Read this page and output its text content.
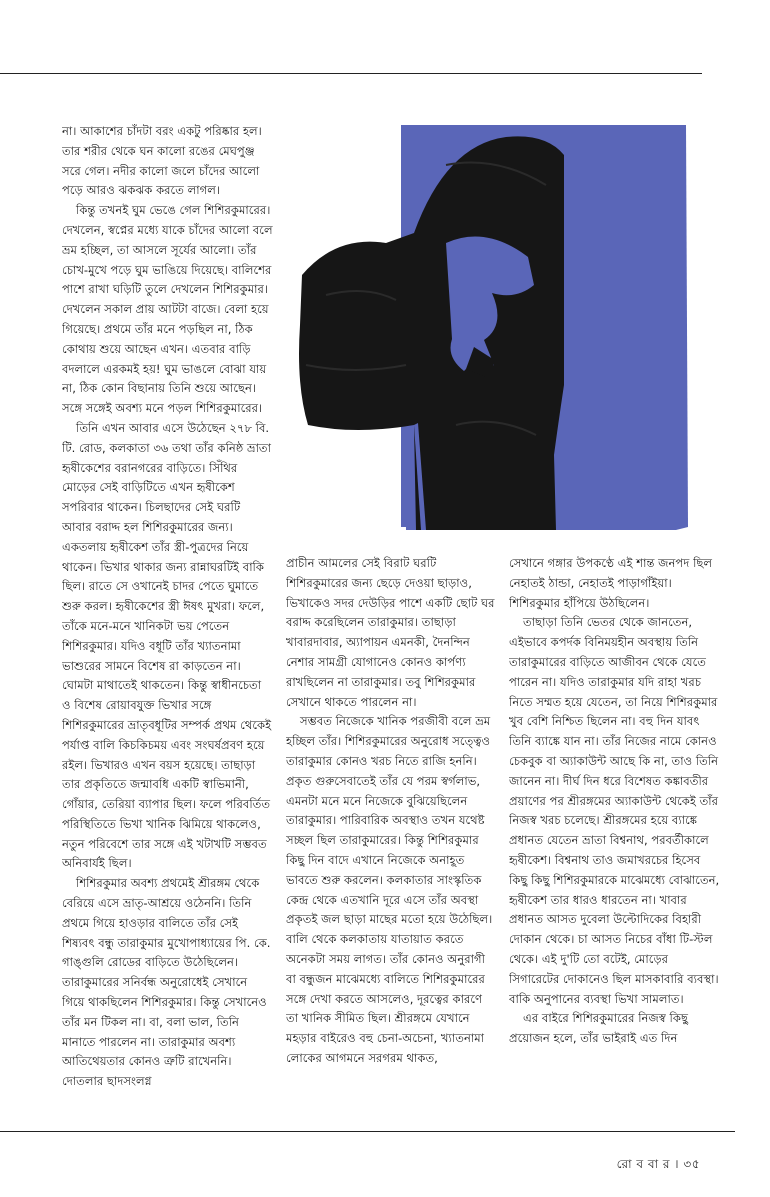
না। আকাশের চাঁদটা বরং একটু পরিষ্কার হল। তার শরীর থেকে ঘন কালো রঙের মেঘপুঞ্জ সরে গেল। নদীর কালো জলে চাঁদের আলো পড়ে আরও ঝকঝক করতে লাগল।

কিন্তু তখনই ঘুম ভেঙে গেল শিশিরকুমারের। দেখলেন, স্বপ্নের মধ্যে যাকে চাঁদের আলো বলে ভ্রম হচ্ছিল, তা আসলে সূর্যের আলো। তাঁর চোখ-মুখে পড়ে ঘুম ভাঙিয়ে দিয়েছে। বালিশের পাশে রাখা ঘড়িটি তুলে দেখলেন শিশিরকুমার। দেখলেন সকাল প্রায় আটটা বাজে। বেলা হয়ে গিয়েছে। প্রথমে তাঁর মনে পড়ছিল না, ঠিক কোথায় শুয়ে আছেন এখন। এতবার বাড়ি বদলালে এরকমই হয়! ঘুম ভাঙলে বোঝা যায় না, ঠিক কোন বিছানায় তিনি শুয়ে আছেন। সঙ্গে সঙ্গেই অবশ্য মনে পড়ল শিশিরকুমারের।

তিনি এখন আবার এসে উঠেছেন ২৭৮ বি. টি. রোড, কলকাতা ৩৬ তথা তাঁর কনিষ্ঠ ভ্রাতা হৃষীকেশের বরানগরের বাড়িতে। সিঁথির মোড়ের সেই বাড়িটিতে এখন হৃষীকেশ সপরিবার থাকেন। চিলছাদের সেই ঘরটি আবার বরাদ্দ হল শিশিরকুমারের জন্য। একতলায় হৃষীকেশ তাঁর স্ত্রী-পুত্রদের নিয়ে থাকেন। ভিখার থাকার জন্য রান্নাঘরটিই বাকি ছিল। রাতে সে ওখানেই চাদর পেতে ঘুমাতে শুরু করল। হৃষীকেশের স্ত্রী ঈষৎ মুখরা। ফলে, তাঁকে মনে-মনে খানিকটা ভয় পেতেন শিশিরকুমার। যদিও বধূটি তাঁর খ্যাতনামা ভাশুরের সামনে বিশেষ রা কাড়তেন না। ঘোমটা মাথাতেই থাকতেন। কিন্তু স্বাধীনচেতা ও বিশেষ রোয়াবযুক্ত ভিখার সঙ্গে শিশিরকুমারের ভ্রাতৃবধূটির সম্পর্ক প্রথম থেকেই পর্যাপ্ত বালি কিচকিচময় এবং সংঘর্ষপ্রবণ হয়ে রইল। ভিখারও এখন বয়স হয়েছে। তাছাড়া তার প্রকৃতিতে জন্মাবধি একটি স্বাভিমানী, গোঁয়ার, তেরিয়া ব্যাপার ছিল। ফলে পরিবর্তিত পরিস্থিতিতে ভিখা খানিক ঝিমিয়ে থাকলেও, নতুন পরিবেশে তার সঙ্গে এই খটাখটি সম্ভবত অনিবার্যই ছিল।

শিশিরকুমার অবশ্য প্রথমেই শ্রীরঙ্গম থেকে বেরিয়ে এসে ভ্রাতৃ-আশ্রয়ে ওঠেননি। তিনি প্রথমে গিয়ে হাওড়ার বালিতে তাঁর সেই শিষ্যবৎ বন্ধু তারাকুমার মুখোপাধ্যায়ের পি. কে. গাঙ্গুলি রোডের বাড়িতে উঠেছিলেন। তারাকুমারের সনির্বন্ধ অনুরোধেই সেখানে গিয়ে থাকছিলেন শিশিরকুমার। কিন্তু সেখানেও তাঁর মন টিকল না। বা, বলা ভাল, তিনি মানাতে পারলেন না। তারাকুমার অবশ্য আতিথেয়তার কোনও ত্রুটি রাখেননি। দোতলার ছাদসংলগ্ন

প্রাচীন আমলের সেই বিরাট ঘরটি শিশিরকুমারের জন্য ছেড়ে দেওয়া ছাড়াও, ভিখাকেও সদর দেউড়ির পাশে একটি ছোট ঘর বরাদ্দ করেছিলেন তারাকুমার। তাছাড়া খাবারদাবার, অ্যাপায়ন এমনকী, দৈনন্দিন নেশার সামগ্রী যোগানেও কোনও কার্পণ্য রাখছিলেন না তারাকুমার। তবু শিশিরকুমার সেখানে থাকতে পারলেন না।

সম্ভবত নিজেকে খানিক পরজীবী বলে ভ্রম হচ্ছিল তাঁর। শিশিরকুমারের অনুরোধ সত্ত্বেও তারাকুমার কোনও খরচ নিতে রাজি হননি। প্রকৃত গুরুসেবাতেই তাঁর যে পরম স্বর্গলাভ, এমনটা মনে মনে নিজেকে বুঝিয়েছিলেন তারাকুমার। পারিবারিক অবস্থাও তখন যথেষ্ট সচ্ছল ছিল তারাকুমারের। কিন্তু শিশিরকুমার কিছু দিন বাদে এখানে নিজেকে অনাহূত ভাবতে শুরু করলেন। কলকাতার সাংস্কৃতিক কেন্দ্র থেকে এতখানি দূরে এসে তাঁর অবস্থা প্রকৃতই জল ছাড়া মাছের মতো হয়ে উঠেছিল। বালি থেকে কলকাতায় যাতায়াত করতে অনেকটা সময় লাগত। তাঁর কোনও অনুরাগী বা বন্ধুজন মাঝেমধ্যে বালিতে শিশিরকুমারের সঙ্গে দেখা করতে আসলেও, দূরত্বের কারণে তা খানিক সীমিত ছিল। শ্রীরঙ্গমে যেখানে মহড়ার বাইরেও বহু চেনা-অচেনা, খ্যাতনামা লোকের আগমনে সরগরম থাকত,

সেখানে গঙ্গার উপকণ্ঠে এই শান্ত জনপদ ছিল নেহাতই ঠান্ডা, নেহাতই পাড়াগাঁইয়া। শিশিরকুমার হাঁপিয়ে উঠছিলেন।

তাছাড়া তিনি ভেতর থেকে জানতেন, এইভাবে কপর্দক বিনিময়হীন অবস্থায় তিনি তারাকুমারের বাড়িতে আজীবন থেকে যেতে পারেন না। যদিও তারাকুমার যদি রাহা খরচ নিতে সম্মত হয়ে যেতেন, তা নিয়ে শিশিরকুমার খুব বেশি নিশ্চিত ছিলেন না। বহু দিন যাবৎ তিনি ব্যাঙ্কে যান না। তাঁর নিজের নামে কোনও চেকবুক বা অ্যাকাউন্ট আছে কি না, তাও তিনি জানেন না। দীর্ঘ দিন ধরে বিশেষত কঙ্কাবতীর প্রয়াণের পর শ্রীরঙ্গমের অ্যাকাউন্ট থেকেই তাঁর নিজস্ব খরচ চলেছে। শ্রীরঙ্গমের হয়ে ব্যাঙ্কে প্রধানত যেতেন ভ্রাতা বিশ্বনাথ, পরবর্তীকালে হৃষীকেশ। বিশ্বনাথ তাও জমাখরচের হিসেব কিছু কিছু শিশিরকুমারকে মাঝেমধ্যে বোঝাতেন, হৃষীকেশ তার ধারও ধারতেন না। খাবার প্রধানত আসত দুবেলা উল্টোদিকের বিহারী দোকান থেকে। চা আসত নিচের বাঁধা টি-স্টল থেকে। এই দু'টি তো বটেই, মোড়ের সিগারেটের দোকানেও ছিল মাসকাবারি ব্যবস্থা। বাকি অনুপানের ব্যবস্থা ভিখা সামলাত।

এর বাইরে শিশিরকুমারের নিজস্ব কিছু প্রয়োজন হলে, তাঁর ভাইরাই এত দিন

রো ব বা র । ৩৫
